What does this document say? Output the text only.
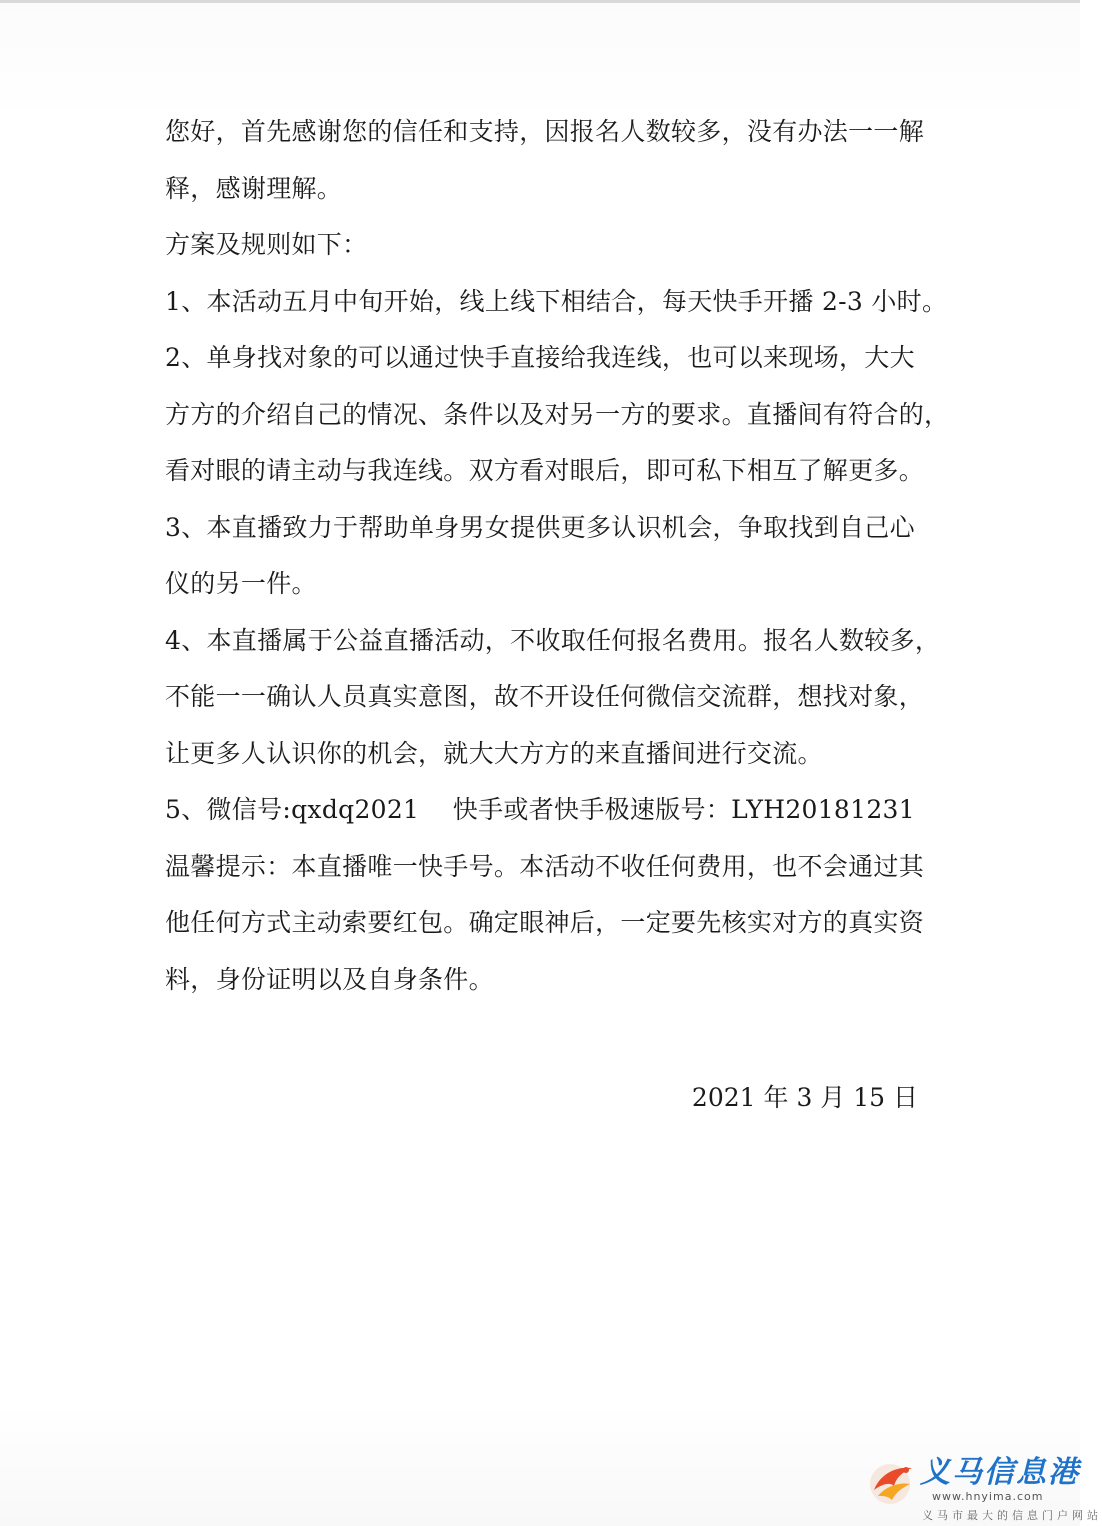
您好，首先感谢您的信任和支持，因报名人数较多，没有办法一一解
释，感谢理解。
方案及规则如下：
1、本活动五月中旬开始，线上线下相结合，每天快手开播 2-3 小时。
2、单身找对象的可以通过快手直接给我连线，也可以来现场，大大
方方的介绍自己的情况、条件以及对另一方的要求。直播间有符合的，
看对眼的请主动与我连线。双方看对眼后，即可私下相互了解更多。
3、本直播致力于帮助单身男女提供更多认识机会，争取找到自己心
仪的另一件。
4、本直播属于公益直播活动，不收取任何报名费用。报名人数较多，
不能一一确认人员真实意图，故不开设任何微信交流群，想找对象，
让更多人认识你的机会，就大大方方的来直播间进行交流。
5、微信号:qxdq2021　 快手或者快手极速版号：LYH20181231
温馨提示：本直播唯一快手号。本活动不收任何费用，也不会通过其
他任何方式主动索要红包。确定眼神后，一定要先核实对方的真实资
料，身份证明以及自身条件。
2021 年 3 月 15 日
义马信息港
www.hnyima.com
义马市最大的信息门户网站
